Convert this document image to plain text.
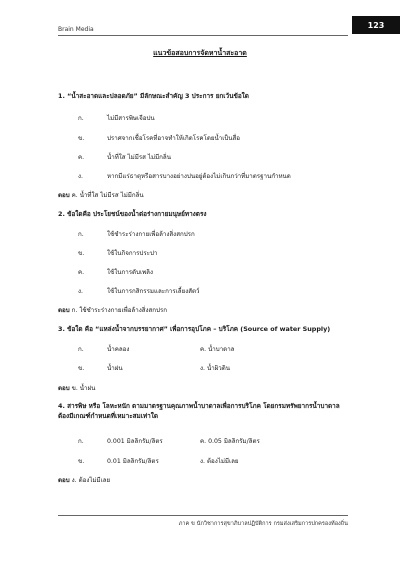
Brain Media	123
แนวข้อสอบการจัดหาน้ำสะอาด
1. “น้ำสะอาดและปลอดภัย” มีลักษณะสำคัญ 3 ประการ ยกเว้นข้อใด
ก.	ไม่มีสารพิษเจือปน
ข.	ปราศจากเชื้อโรคที่อาจทำให้เกิดโรคโดยน้ำเป็นสื่อ
ค.	น้ำที่ใส ไม่มีรส ไม่มีกลิ่น
ง.	หากมีแร่ธาตุหรือสารบางอย่างปนอยู่ต้องไม่เกินกว่าที่มาตรฐานกำหนด
ตอบ ค. น้ำที่ใส ไม่มีรส ไม่มีกลิ่น
2. ข้อใดคือ ประโยชน์ของน้ำต่อร่างกายมนุษย์ทางตรง
ก.	ใช้ชำระร่างกายเพื่อล้างสิ่งสกปรก
ข.	ใช้ในกิจการประปา
ค.	ใช้ในการดับเพลิง
ง.	ใช้ในการกสิกรรมและการเลี้ยงสัตว์
ตอบ ก. ใช้ชำระร่างกายเพื่อล้างสิ่งสกปรก
3. ข้อใด คือ “แหล่งน้ำจากบรรยากาศ” เพื่อการอุปโภค – บริโภค (Source of water Supply)
ก.	น้ำคลอง	ค. น้ำบาดาล
ข.	น้ำฝน	ง. น้ำผิวดิน
ตอบ ข. น้ำฝน
4. สารพิษ หรือ โลหะหนัก ตามมาตรฐานคุณภาพน้ำบาดาลเพื่อการบริโภค โดยกรมทรัพยากรน้ำบาดาล ต้องมีเกณฑ์กำหนดที่เหมาะสมเท่าใด
ก.	0.001 มิลลิกรัม/ลิตร	ค. 0.05 มิลลิกรัม/ลิตร
ข.	0.01 มิลลิกรัม/ลิตร	ง. ต้องไม่มีเลย
ตอบ ง. ต้องไม่มีเลย
ภาค ข นักวิชาการสุขาภิบาลปฏิบัติการ กรมส่งเสริมการปกครองท้องถิ่น
